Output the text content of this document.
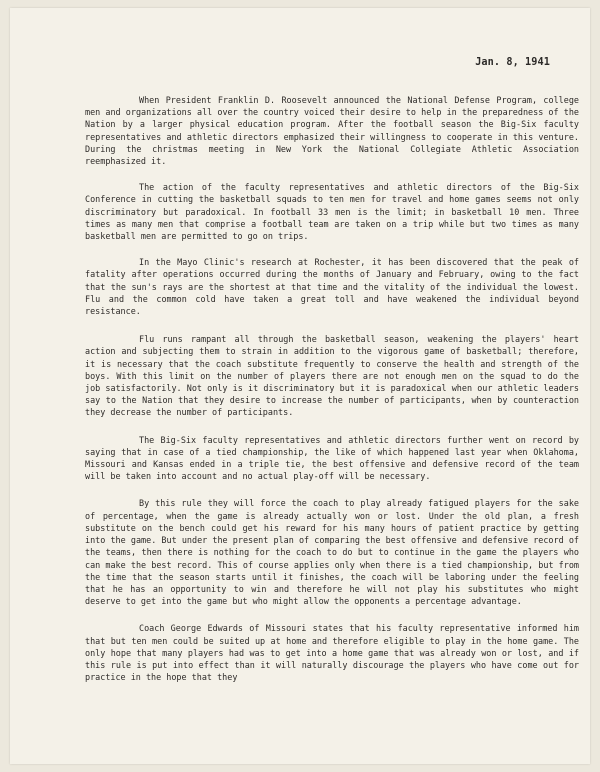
Jan. 8, 1941

When President Franklin D. Roosevelt announced the National Defense Program, college men and organizations all over the country voiced their desire to help in the preparedness of the Nation by a larger physical education program. After the football season the Big-Six faculty representatives and athletic directors emphasized their willingness to cooperate in this venture. During the christmas meeting in New York the National Collegiate Athletic Association reemphasized it.

The action of the faculty representatives and athletic directors of the Big-Six Conference in cutting the basketball squads to ten men for travel and home games seems not only discriminatory but paradoxical. In football 33 men is the limit; in basketball 10 men. Three times as many men that comprise a football team are taken on a trip while but two times as many basketball men are permitted to go on trips.

In the Mayo Clinic's research at Rochester, it has been discovered that the peak of fatality after operations occurred during the months of January and February, owing to the fact that the sun's rays are the shortest at that time and the vitality of the individual the lowest. Flu and the common cold have taken a great toll and have weakened the individual beyond resistance.

Flu runs rampant all through the basketball season, weakening the players' heart action and subjecting them to strain in addition to the vigorous game of basketball; therefore, it is necessary that the coach substitute frequently to conserve the health and strength of the boys. With this limit on the number of players there are not enough men on the squad to do the job satisfactorily. Not only is it discriminatory but it is paradoxical when our athletic leaders say to the Nation that they desire to increase the number of participants, when by counteraction they decrease the number of participants.

The Big-Six faculty representatives and athletic directors further went on record by saying that in case of a tied championship, the like of which happened last year when Oklahoma, Missouri and Kansas ended in a triple tie, the best offensive and defensive record of the team will be taken into account and no actual play-off will be necessary.

By this rule they will force the coach to play already fatigued players for the sake of percentage, when the game is already actually won or lost. Under the old plan, a fresh substitute on the bench could get his reward for his many hours of patient practice by getting into the game. But under the present plan of comparing the best offensive and defensive record of the teams, then there is nothing for the coach to do but to continue in the game the players who can make the best record. This of course applies only when there is a tied championship, but from the time that the season starts until it finishes, the coach will be laboring under the feeling that he has an opportunity to win and therefore he will not play his substitutes who might deserve to get into the game but who might allow the opponents a percentage advantage.

Coach George Edwards of Missouri states that his faculty representative informed him that but ten men could be suited up at home and therefore eligible to play in the home game. The only hope that many players had was to get into a home game that was already won or lost, and if this rule is put into effect than it will naturally discourage the players who have come out for practice in the hope that they
